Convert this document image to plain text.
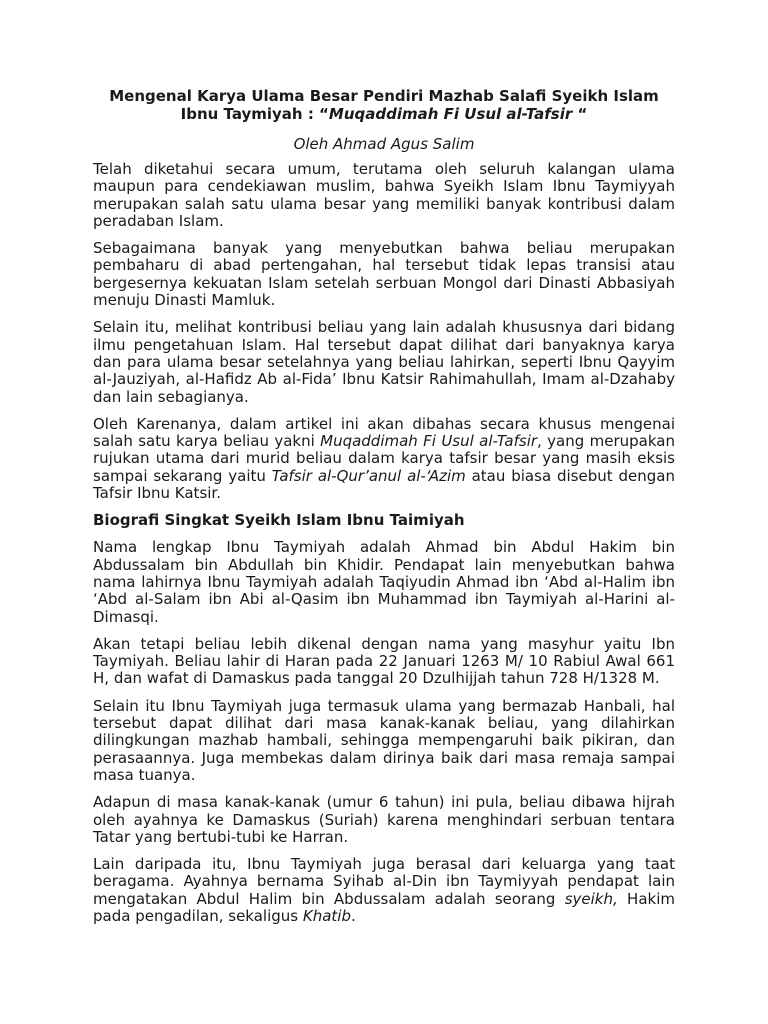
Mengenal Karya Ulama Besar Pendiri Mazhab Salafi Syeikh Islam
Ibnu Taymiyah : “Muqaddimah Fi Usul al-Tafsir “

Oleh Ahmad Agus Salim

Telah diketahui secara umum, terutama oleh seluruh kalangan ulama maupun para cendekiawan muslim, bahwa Syeikh Islam Ibnu Taymiyyah merupakan salah satu ulama besar yang memiliki banyak kontribusi dalam peradaban Islam.

Sebagaimana banyak yang menyebutkan bahwa beliau merupakan pembaharu di abad pertengahan, hal tersebut tidak lepas transisi atau bergesernya kekuatan Islam setelah serbuan Mongol dari Dinasti Abbasiyah menuju Dinasti Mamluk.

Selain itu, melihat kontribusi beliau yang lain adalah khususnya dari bidang ilmu pengetahuan Islam. Hal tersebut dapat dilihat dari banyaknya karya dan para ulama besar setelahnya yang beliau lahirkan, seperti Ibnu Qayyim al-Jauziyah, al-Hafidz Ab al-Fida’ Ibnu Katsir Rahimahullah, Imam al-Dzahaby dan lain sebagianya.

Oleh Karenanya, dalam artikel ini akan dibahas secara khusus mengenai salah satu karya beliau yakni Muqaddimah Fi Usul al-Tafsir, yang merupakan rujukan utama dari murid beliau dalam karya tafsir besar yang masih eksis sampai sekarang yaitu Tafsir al-Qur’anul al-‘Azim atau biasa disebut dengan Tafsir Ibnu Katsir.

Biografi Singkat Syeikh Islam Ibnu Taimiyah

Nama lengkap Ibnu Taymiyah adalah Ahmad bin Abdul Hakim bin Abdussalam bin Abdullah bin Khidir. Pendapat lain menyebutkan bahwa nama lahirnya Ibnu Taymiyah adalah Taqiyudin Ahmad ibn ‘Abd al-Halim ibn ‘Abd al-Salam ibn Abi al-Qasim ibn Muhammad ibn Taymiyah al-Harini al-Dimasqi.

Akan tetapi beliau lebih dikenal dengan nama yang masyhur yaitu Ibn Taymiyah. Beliau lahir di Haran pada 22 Januari 1263 M/ 10 Rabiul Awal 661 H, dan wafat di Damaskus pada tanggal 20 Dzulhijjah tahun 728 H/1328 M.

Selain itu Ibnu Taymiyah juga termasuk ulama yang bermazab Hanbali, hal tersebut dapat dilihat dari masa kanak-kanak beliau, yang dilahirkan dilingkungan mazhab hambali, sehingga mempengaruhi baik pikiran, dan perasaannya. Juga membekas dalam dirinya baik dari masa remaja sampai masa tuanya.

Adapun di masa kanak-kanak (umur 6 tahun) ini pula, beliau dibawa hijrah oleh ayahnya ke Damaskus (Suriah) karena menghindari serbuan tentara Tatar yang bertubi-tubi ke Harran.

Lain daripada itu, Ibnu Taymiyah juga berasal dari keluarga yang taat beragama. Ayahnya bernama Syihab al-Din ibn Taymiyyah pendapat lain mengatakan Abdul Halim bin Abdussalam adalah seorang syeikh, Hakim pada pengadilan, sekaligus Khatib.
